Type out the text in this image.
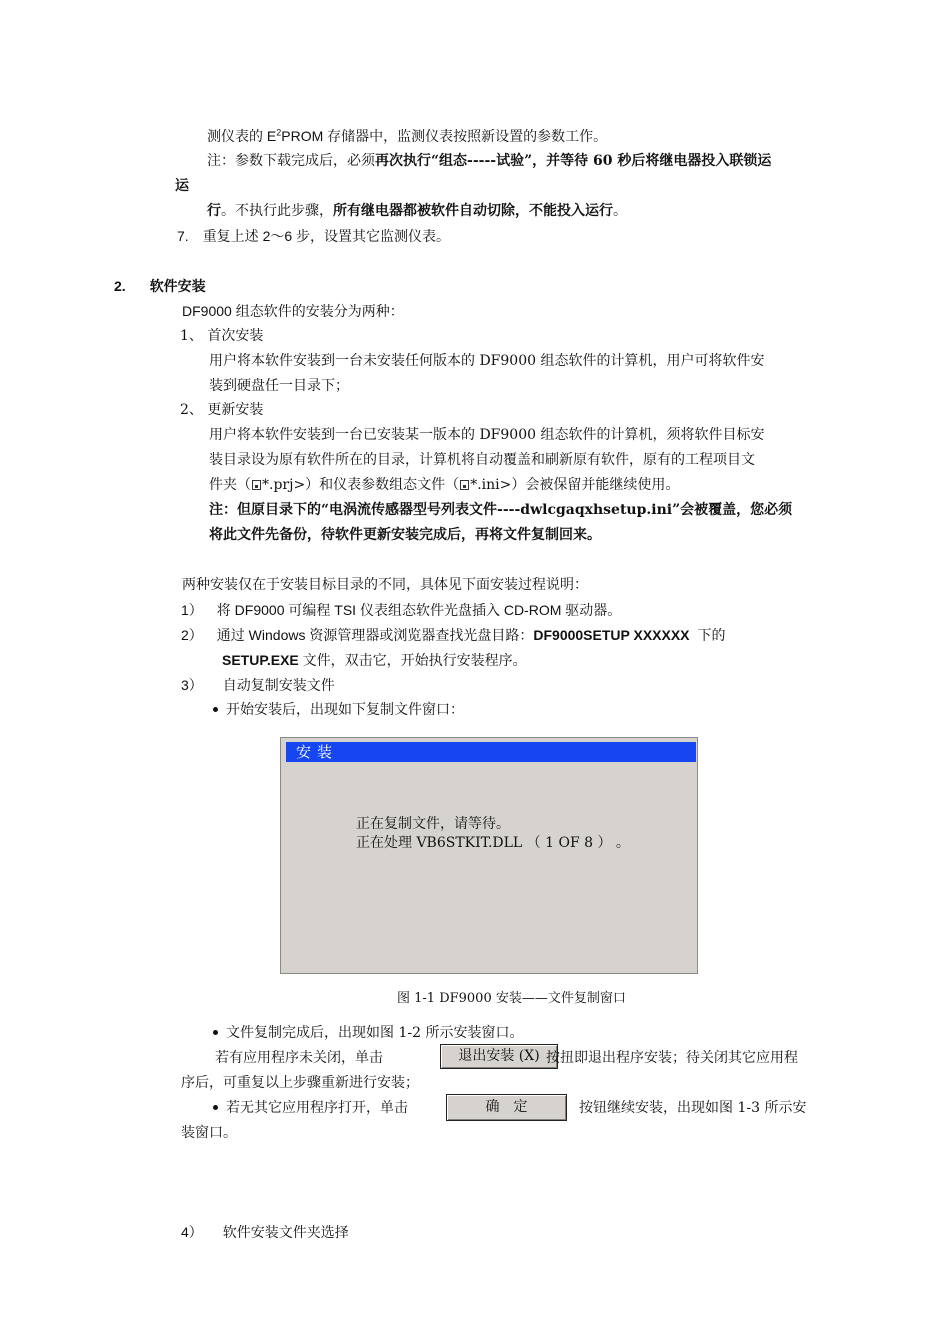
测仪表的 $E^2PROM$ 存储器中，监测仪表按照新设置的参数工作。
注：参数下载完成后，必须再次执行“组态-----试验”，并等待 60 秒后将继电器投入联锁运
运
行。不执行此步骤，所有继电器都被软件自动切除，不能投入运行。
7. 重复上述 2～6 步，设置其它监测仪表。
2. 软件安装
DF9000 组态软件的安装分为两种：
1、 首次安装
用户将本软件安装到一台未安装任何版本的 DF9000 组态软件的计算机，用户可将软件安
装到硬盘任一目录下；
2、 更新安装
用户将本软件安装到一台已安装某一版本的 DF9000 组态软件的计算机，须将软件目标安
装目录设为原有软件所在的目录，计算机将自动覆盖和刷新原有软件，原有的工程项目文
件夹（ *.prj>）和仪表参数组态文件（ *.ini>）会被保留并能继续使用。
注：但原目录下的“电涡流传感器型号列表文件----dwlcgaqxhsetup.ini”会被覆盖，您必须
将此文件先备份，待软件更新安装完成后，再将文件复制回来。
两种安装仅在于安装目标目录的不同，具体见下面安装过程说明：
1） 将 DF9000 可编程 TSI 仪表组态软件光盘插入 CD-ROM 驱动器。
2） 通过 Windows 资源管理器或浏览器查找光盘目路：DF9000SETUP XXXXXX 下的
SETUP.EXE 文件，双击它，开始执行安装程序。
3） 自动复制安装文件
开始安装后，出现如下复制文件窗口：
安装
正在复制文件，请等待。
正在处理 VB6STKIT.DLL （ 1 OF 8 ） 。
图 1-1 DF9000 安装——文件复制窗口
文件复制完成后，出现如图 1-2 所示安装窗口。
若有应用程序未关闭，单击	退出安装 (X) 按扭即退出程序安装；待关闭其它应用程
序后，可重复以上步骤重新进行安装；
若无其它应用程序打开，单击	确　定	按钮继续安装，出现如图 1-3 所示安
装窗口。
4） 软件安装文件夹选择
